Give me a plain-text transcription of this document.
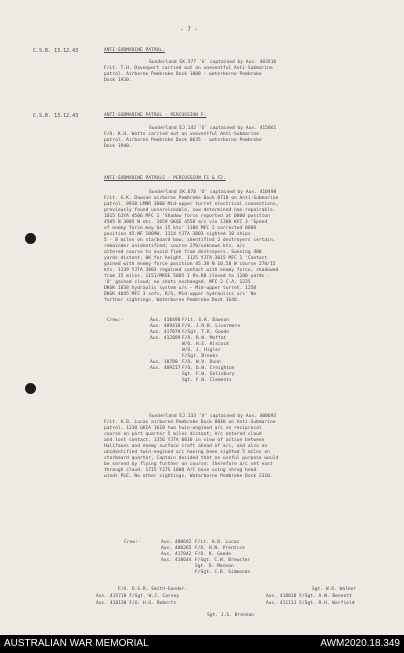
- 7 -
C.S.B. 13.12.43	ANTI-SUBMARINE PATROL.
Sunderland EK.577 'S' captained by Aus. 403516
F/Lt. T.H. Davenport carried out an uneventful Anti-Submarine
patrol. Airborne Pembroke Dock 1008 - waterborne Pembroke
Dock 1920.
C.S.B. 13.12.43	ANTI-SUBMARINE PATROL - PERCUSSION F.
Sunderland EJ.142 'S' captained by Aus. 415061
F/O. K.H. Watts carried out an uneventful Anti-Submarine
patrol. Airborne Pembroke Dock 0635 - waterborne Pembroke
Dock 1940.
ANTI-SUBMARINE PATROLS - PERCUSSION F1 & F2.
Sunderland EK.678 'O' captained by Aus. 410498
F/Lt. G.K. Dawson airborne Pembroke Dock 0710 on Anti-Submarine
patrol. 0910 LMNR 3000 Mid-upper turret electrical connections,
previously found unserviceable, now determined non-repairable.
1015 GJYA 4506 MFC 1 'Shadow force reported at 0800 position
4505 N 3005 W etc. 1059 GKQE 4558 a/c vis 1308 KFC 3 'Speed
of enemy force may be 15 kts' 1100 MFC 2 corrected 0800
position 45.NF 1009W. 1114 YJTA 3803 sighted 10 ships
5 - 8 miles on starboard bow, identified 2 destroyers certain,
remainder unidentified; course 270/unknown kts. a/c
altered course to avoid flak from destroyers. Sunning 400
yards distant, 0K for height. 1125 YJTA 3015 MFC 1 'Contact
gained with enemy force position 45.38 N 10.58 W course 270/15
kts. 1139 YJTA 3803 regained contact with enemy force, shadowed
from 15 miles. 1151/MKSE 5005 1 9a.88 closed to 1200 yards -
'O' gained cloud; no shots exchanged. MFC 2 C-A. 1235
DKGK 1838 hydraulic system u/s - Mid-upper turret. 1250
DKGK 4045 MFC 3 sofs, R/S, Mid-upper hydraulics u/s' No
further sightings. Waterborne Pembroke Dock 1648.
Crew:-	Aus. 410498 F/Lt. G.K. Dawson
Aus. 409418 F/O. J.R.B. Livermore
Aus. 417079 F/Sgt. T.R. Goode
Aus. 412899 F/O. R.W. Moffat
W/O. H.E. Hiscock
W/O. J. Higler
F/Sgt. Brooks
Aus. 10780 F/O. W.V. Dunn
Aus. 409217 F/O. D.W. Creighton
Sgt. F.W. Salisbury
Sgt. F.W. Clements
Sunderland EJ.133 'V' captained by Aus. 400692
F/Lt. H.B. Lucas airborne Pembroke Dock 0840 on Anti-Submarine
patrol. 1230 GKIA 1010 two twin-engined a/c on reciprocal
course on port quarter 5 miles distant; A/c entered cloud
and lost contact. 1356 YJTA 0030 in view of action between
Halifaxes and enemy surface craft ahead of a/c, and also an
unidentified twin-engined a/c having been sighted 5 miles on
starboard quarter, Captain decided that no useful purpose would
be served by flying further on course; therefore a/c set east
through cloud. 1715 YJTS 1000 A/C base using shrug head
winds PLE. No other sightings. Waterborne Pembroke Dock 2310.
Crew:-	Aus. 400692 F/Lt. H.B. Lucas
Aus. 400265 F/O. H.N. Prentice
Aus. 417042 F/O. K. Goode
Aus. 410644 F/Sgt. C.W. Brewster
Sgt. D. Maseon
F/Sgt. C.R. Simmonds
F/O. D.S.R. Smith-Gander.	Sgt. W.R. Walker
Aus. 415710 F/Sgt. W.J. Carvey	Aus. 410010 F/Sgt. A.W. Bennett
Aus. 418130 F/O. H.G. Roberts	Aus. 411111 F/Sgt. R.H. Warfield
Sgt. J.S. Brennan
AUSTRALIAN WAR MEMORIAL	AWM2020.18.349
